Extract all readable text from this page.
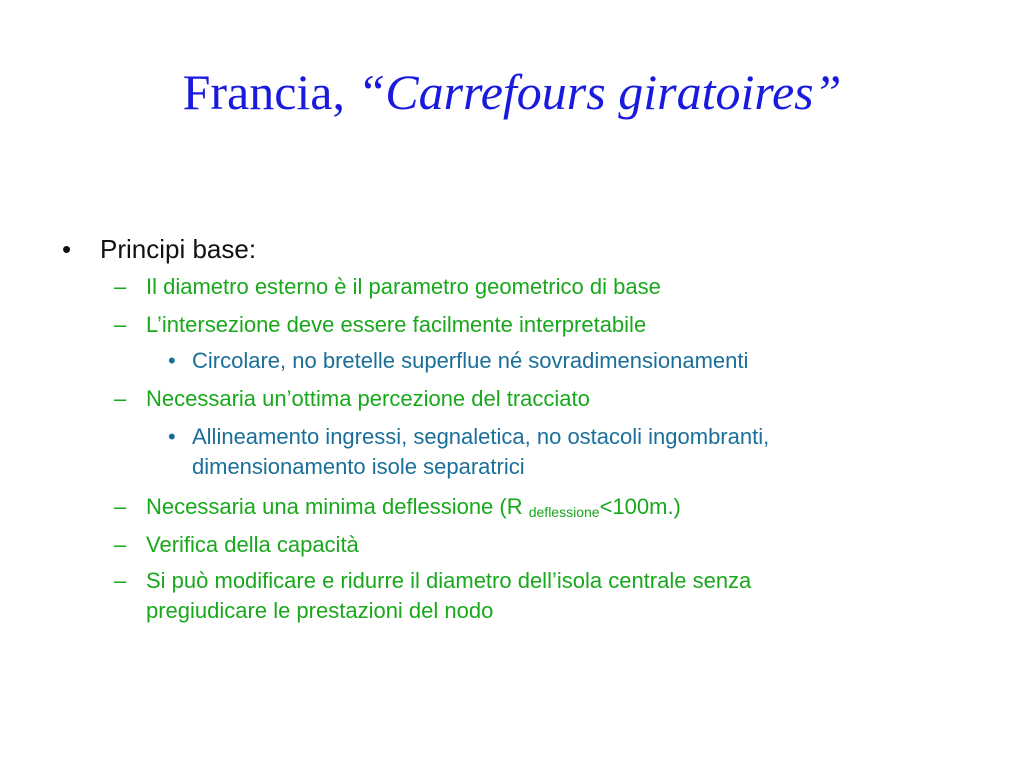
Francia, “Carrefours giratoires”
• Principi base:
– Il diametro esterno è il parametro geometrico di base
– L’intersezione deve essere facilmente interpretabile
• Circolare, no bretelle superflue né sovradimensionamenti
– Necessaria un’ottima percezione del tracciato
• Allineamento ingressi, segnaletica, no ostacoli ingombranti,
dimensionamento isole separatrici
– Necessaria una minima deflessione (R $_{deflessione}$<100m.)
– Verifica della capacità
– Si può modificare e ridurre il diametro dell’isola centrale senza
pregiudicare le prestazioni del nodo
